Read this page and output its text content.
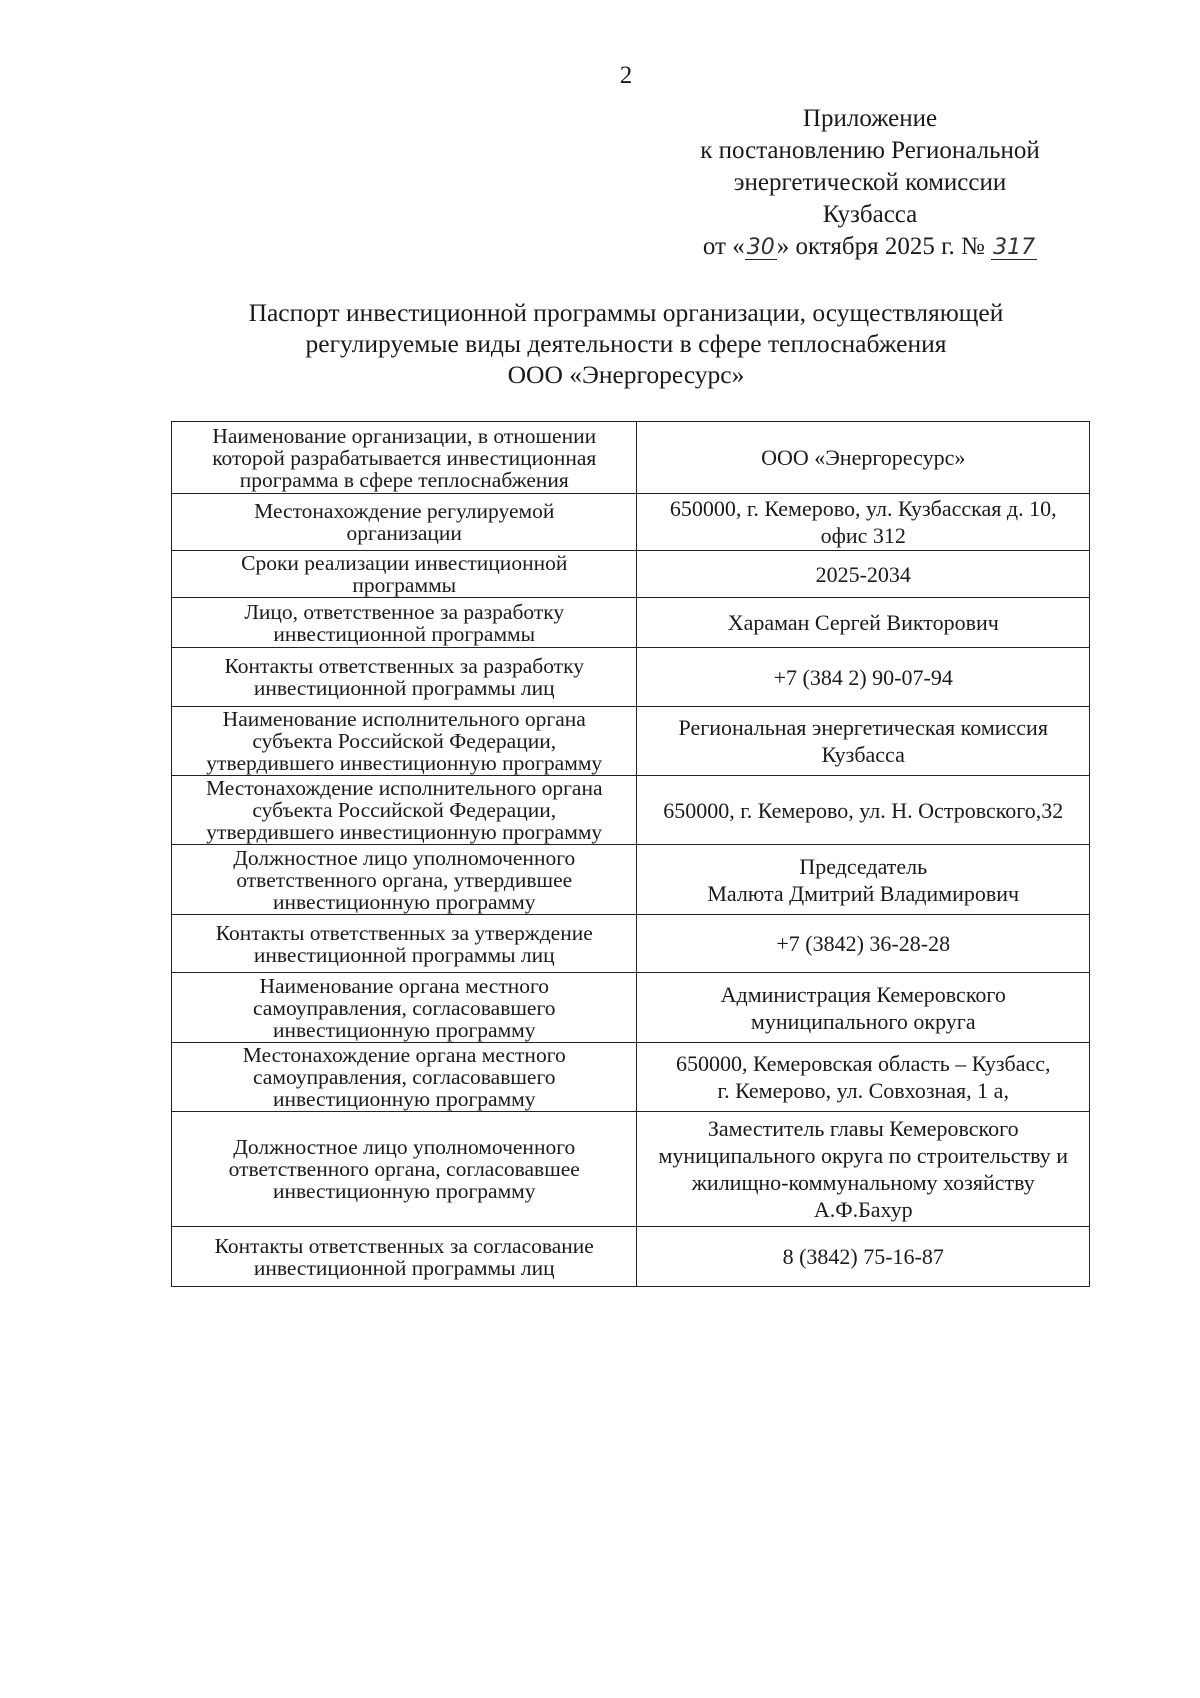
2
Приложение
к постановлению Региональной
энергетической комиссии
Кузбасса
от «30» октября 2025 г. № 317
Паспорт инвестиционной программы организации, осуществляющей
регулируемые виды деятельности в сфере теплоснабжения
ООО «Энергоресурс»
Наименование организации, в отношении
которой разрабатывается инвестиционная
программа в сфере теплоснабжения	ООО «Энергоресурс»
Местонахождение регулируемой
организации	650000, г. Кемерово, ул. Кузбасская д. 10,
офис 312
Сроки реализации инвестиционной
программы	2025-2034
Лицо, ответственное за разработку
инвестиционной программы	Хараман Сергей Викторович
Контакты ответственных за разработку
инвестиционной программы лиц	+7 (384 2) 90-07-94
Наименование исполнительного органа
субъекта Российской Федерации,
утвердившего инвестиционную программу	Региональная энергетическая комиссия
Кузбасса
Местонахождение исполнительного органа
субъекта Российской Федерации,
утвердившего инвестиционную программу	650000, г. Кемерово, ул. Н. Островского,32
Должностное лицо уполномоченного
ответственного органа, утвердившее
инвестиционную программу	Председатель
Малюта Дмитрий Владимирович
Контакты ответственных за утверждение
инвестиционной программы лиц	+7 (3842) 36-28-28
Наименование органа местного
самоуправления, согласовавшего
инвестиционную программу	Администрация Кемеровского
муниципального округа
Местонахождение органа местного
самоуправления, согласовавшего
инвестиционную программу	650000, Кемеровская область – Кузбасс,
г. Кемерово, ул. Совхозная, 1 а,
Должностное лицо уполномоченного
ответственного органа, согласовавшее
инвестиционную программу	Заместитель главы Кемеровского
муниципального округа по строительству и
жилищно-коммунальному хозяйству
А.Ф.Бахур
Контакты ответственных за согласование
инвестиционной программы лиц	8 (3842) 75-16-87
